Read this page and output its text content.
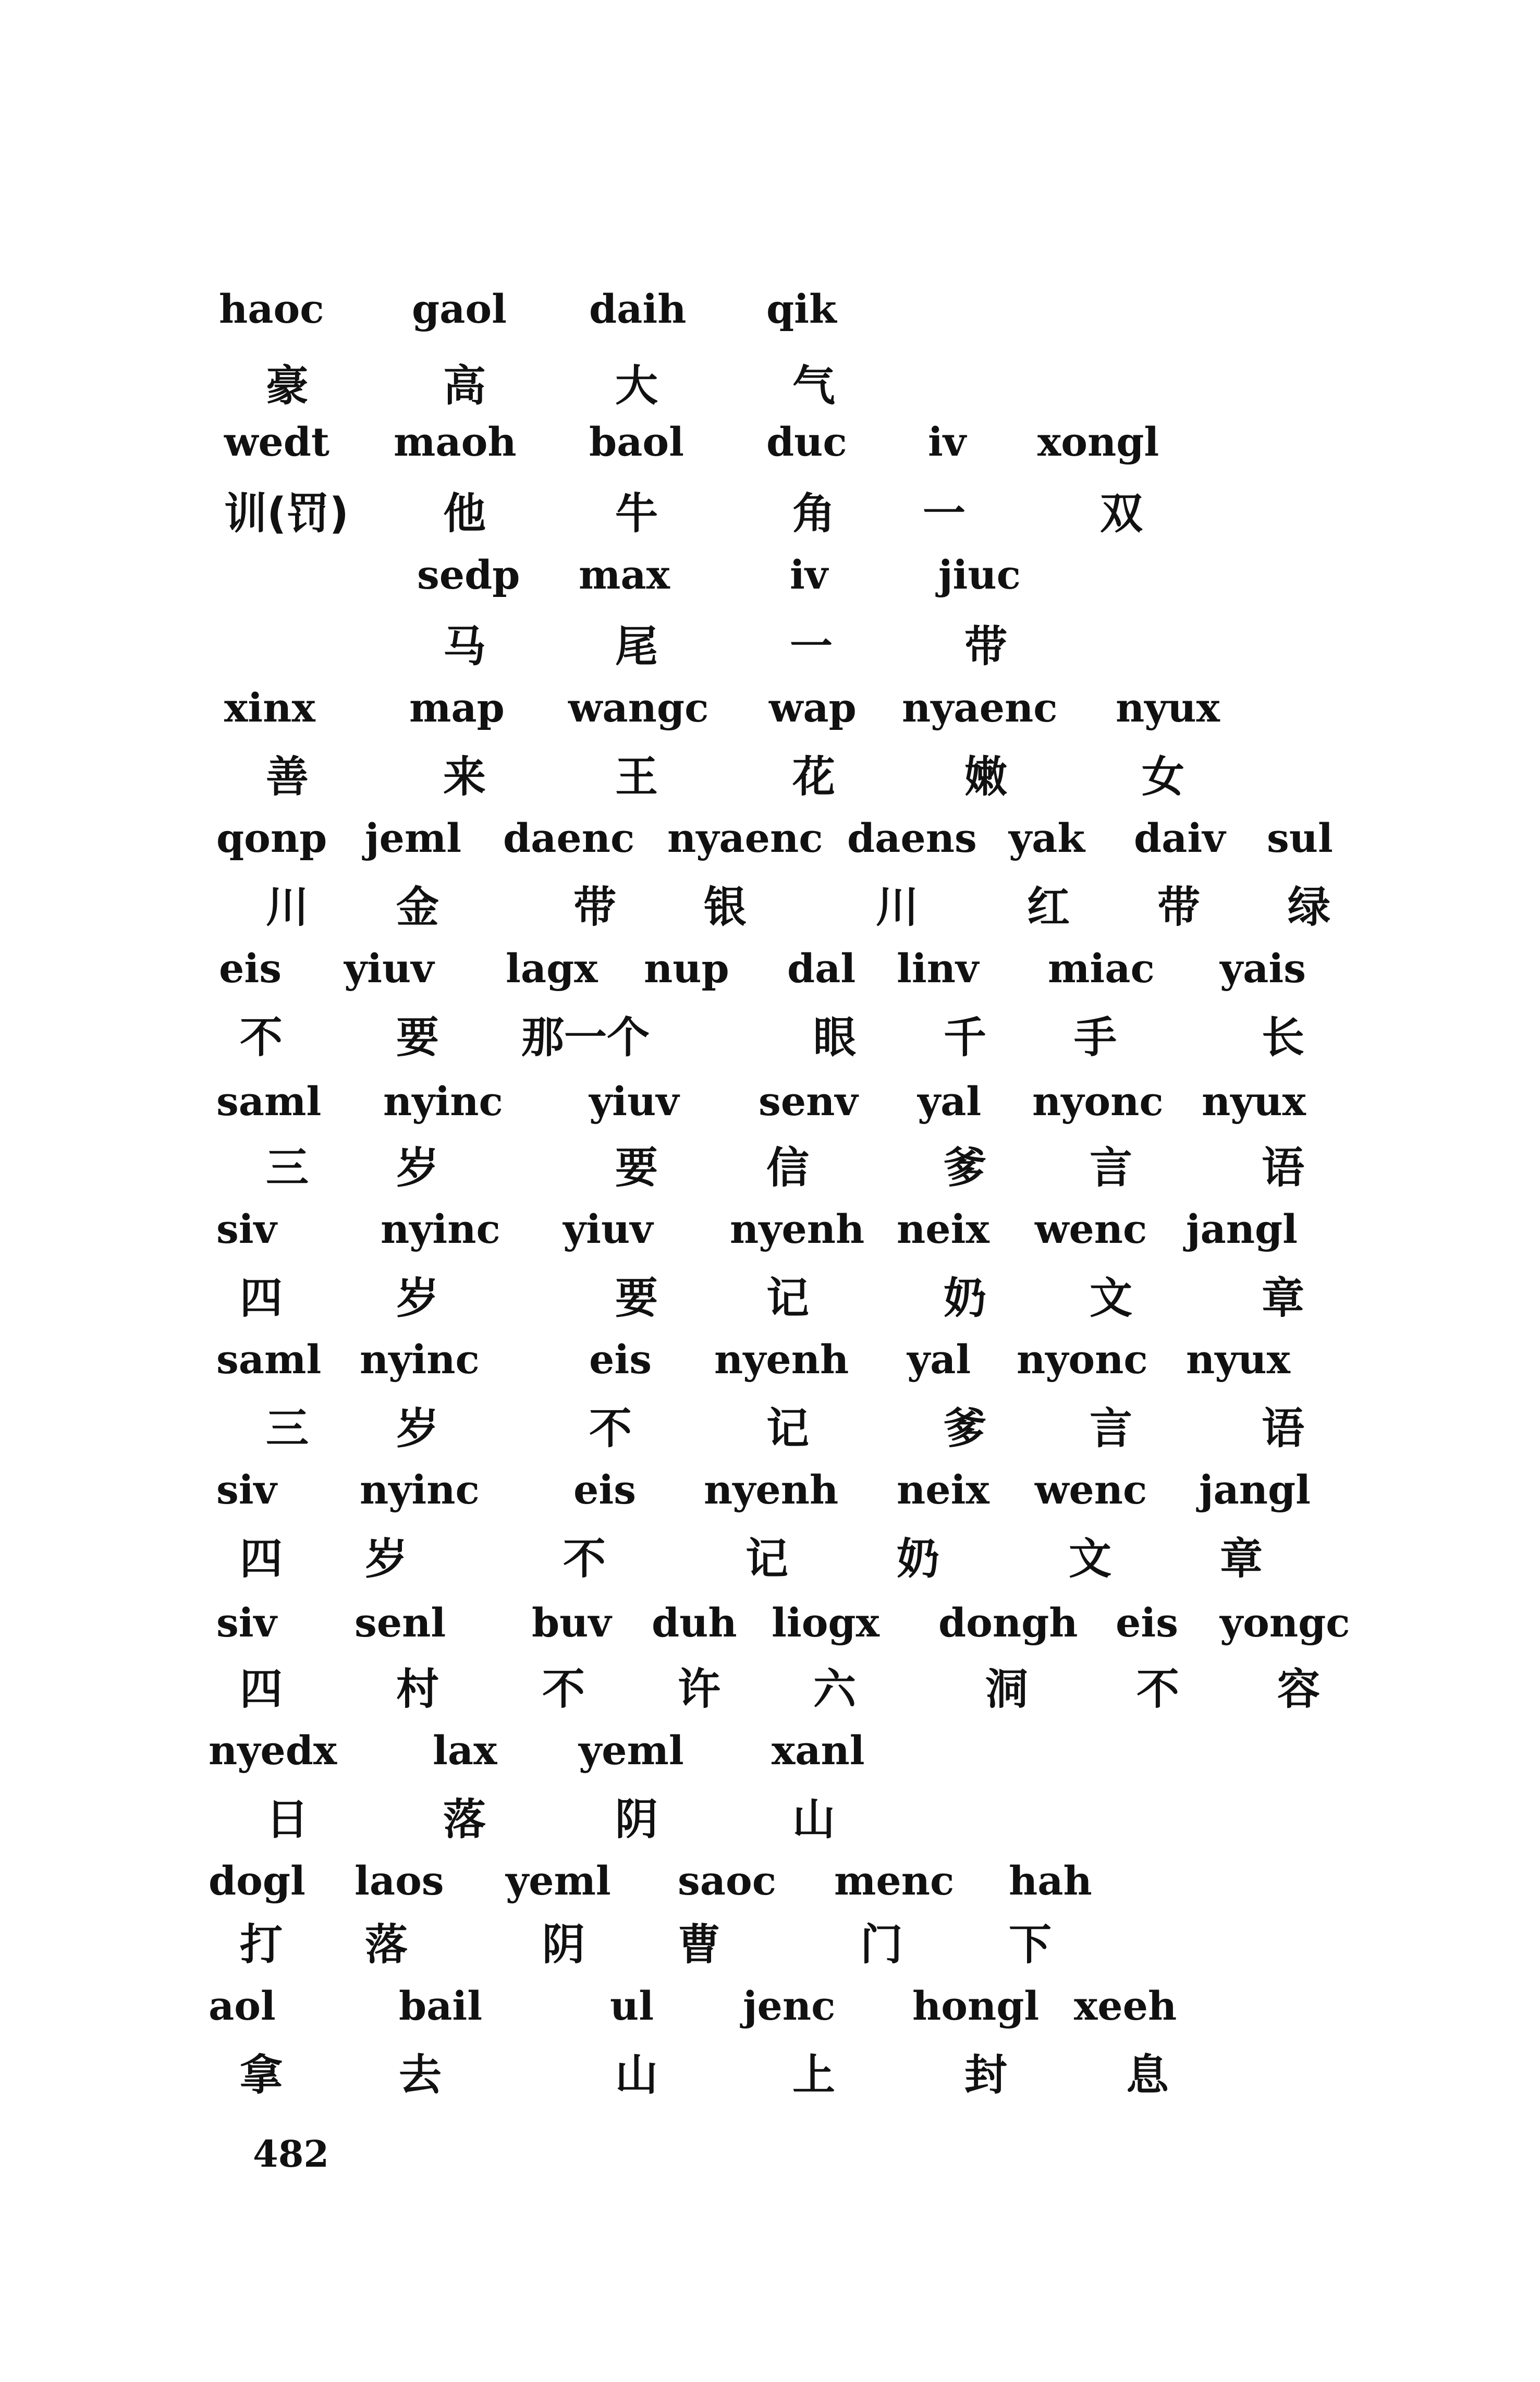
haoc gaol daih qik
豪	高	大	气
wedt maoh baol duc iv xongl
训(罚) 他	牛	角 一	双
sedp max	iv	jiuc
马	尾	一	带
xinx map wangc wap nyaenc nyux
善	来	王	花	嫩	女
qonp jeml daenc nyaenc daens yak daiv sul
川 金	带 银	川	红 带 绿
eis yiuv lagx nup dal linv miac yais
不	要 那一个	眼 千 手	长
saml nyinc yiuv senv yal nyonc nyux
三 岁	要	信	爹 言	语
siv	nyinc yiuv nyenh neix wenc jangl
四	岁	要	记	奶 文	章
saml nyinc	eis nyenh yal nyonc nyux
三 岁	不	记	爹 言	语
siv nyinc eis nyenh neix wenc jangl
四 岁	不	记	奶	文	章
siv senl buv duh liogx dongh eis yongc
四	村 不 许 六	洞	不 容
nyedx lax yeml xanl
日	落	阴	山
dogl laos yeml saoc menc hah
打 落	阴 曹	门 下
aol	bail	ul jenc hongl xeeh
拿	去	山	上	封	息
482
